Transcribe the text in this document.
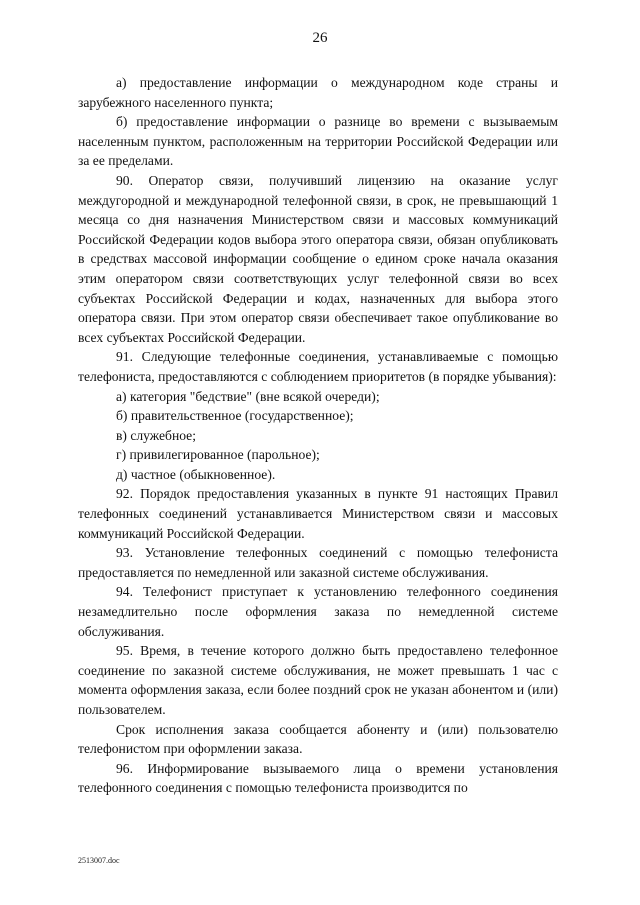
26

а) предоставление информации о международном коде страны и зарубежного населенного пункта;

б) предоставление информации о разнице во времени с вызываемым населенным пунктом, расположенным на территории Российской Федерации или за ее пределами.

90. Оператор связи, получивший лицензию на оказание услуг междугородной и международной телефонной связи, в срок, не превышающий 1 месяца со дня назначения Министерством связи и массовых коммуникаций Российской Федерации кодов выбора этого оператора связи, обязан опубликовать в средствах массовой информации сообщение о едином сроке начала оказания этим оператором связи соответствующих услуг телефонной связи во всех субъектах Российской Федерации и кодах, назначенных для выбора этого оператора связи. При этом оператор связи обеспечивает такое опубликование во всех субъектах Российской Федерации.

91. Следующие телефонные соединения, устанавливаемые с помощью телефониста, предоставляются с соблюдением приоритетов (в порядке убывания):

а) категория "бедствие" (вне всякой очереди);

б) правительственное (государственное);

в) служебное;

г) привилегированное (парольное);

д) частное (обыкновенное).

92. Порядок предоставления указанных в пункте 91 настоящих Правил телефонных соединений устанавливается Министерством связи и массовых коммуникаций Российской Федерации.

93. Установление телефонных соединений с помощью телефониста предоставляется по немедленной или заказной системе обслуживания.

94. Телефонист приступает к установлению телефонного соединения незамедлительно после оформления заказа по немедленной системе обслуживания.

95. Время, в течение которого должно быть предоставлено телефонное соединение по заказной системе обслуживания, не может превышать 1 час с момента оформления заказа, если более поздний срок не указан абонентом и (или) пользователем.

Срок исполнения заказа сообщается абоненту и (или) пользователю телефонистом при оформлении заказа.

96. Информирование вызываемого лица о времени установления телефонного соединения с помощью телефониста производится по

2513007.doc
